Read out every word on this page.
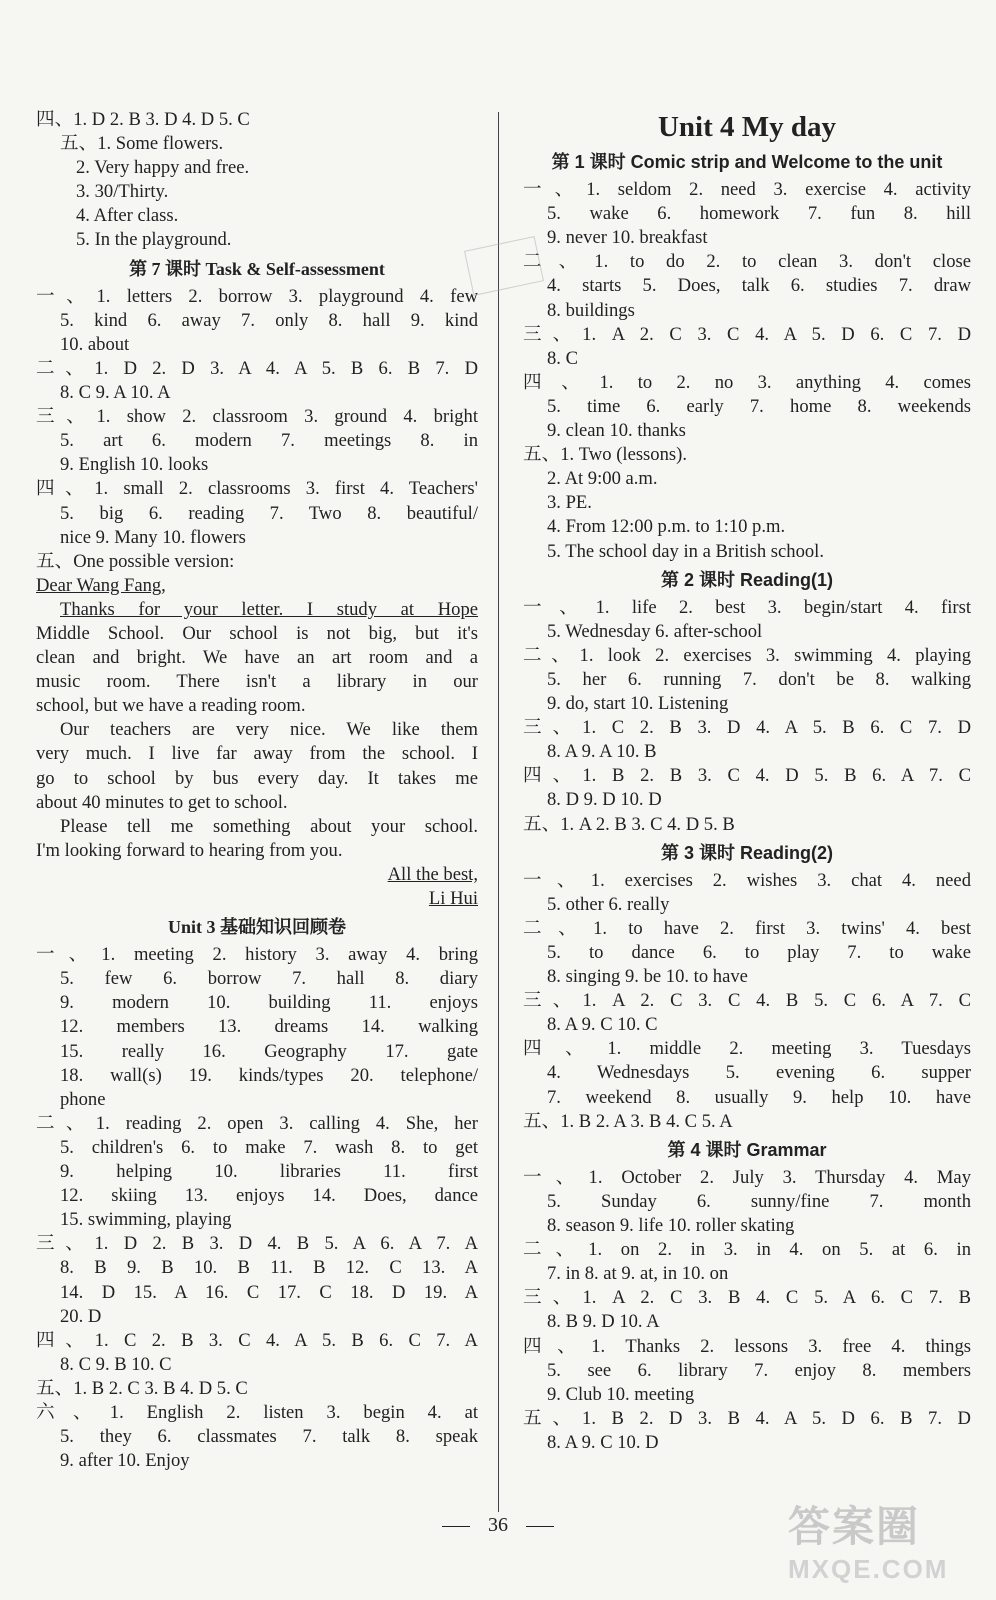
四、1. D 2. B 3. D 4. D 5. C
五、1. Some flowers.
2. Very happy and free.
3. 30/Thirty.
4. After class.
5. In the playground.
第 7 课时 Task & Self-assessment
一、1. letters 2. borrow 3. playground 4. few
5. kind 6. away 7. only 8. hall 9. kind
10. about
二、1. D 2. D 3. A 4. A 5. B 6. B 7. D
8. C 9. A 10. A
三、1. show 2. classroom 3. ground 4. bright
5. art 6. modern 7. meetings 8. in
9. English 10. looks
四、1. small 2. classrooms 3. first 4. Teachers'
5. big 6. reading 7. Two 8. beautiful/
nice 9. Many 10. flowers
五、One possible version:
Dear Wang Fang,
Thanks for your letter. I study at Hope
Middle School. Our school is not big, but it's
clean and bright. We have an art room and a
music room. There isn't a library in our
school, but we have a reading room.
Our teachers are very nice. We like them
very much. I live far away from the school. I
go to school by bus every day. It takes me
about 40 minutes to get to school.
Please tell me something about your school.
I'm looking forward to hearing from you.
All the best,
Li Hui
Unit 3 基础知识回顾卷
一、1. meeting 2. history 3. away 4. bring
5. few 6. borrow 7. hall 8. diary
9. modern 10. building 11. enjoys
12. members 13. dreams 14. walking
15. really 16. Geography 17. gate
18. wall(s) 19. kinds/types 20. telephone/
phone
二、1. reading 2. open 3. calling 4. She, her
5. children's 6. to make 7. wash 8. to get
9. helping 10. libraries 11. first
12. skiing 13. enjoys 14. Does, dance
15. swimming, playing
三、1. D 2. B 3. D 4. B 5. A 6. A 7. A
8. B 9. B 10. B 11. B 12. C 13. A
14. D 15. A 16. C 17. C 18. D 19. A
20. D
四、1. C 2. B 3. C 4. A 5. B 6. C 7. A
8. C 9. B 10. C
五、1. B 2. C 3. B 4. D 5. C
六、1. English 2. listen 3. begin 4. at
5. they 6. classmates 7. talk 8. speak
9. after 10. Enjoy
Unit 4 My day
第 1 课时 Comic strip and Welcome to the unit
一、1. seldom 2. need 3. exercise 4. activity
5. wake 6. homework 7. fun 8. hill
9. never 10. breakfast
二、1. to do 2. to clean 3. don't close
4. starts 5. Does, talk 6. studies 7. draw
8. buildings
三、1. A 2. C 3. C 4. A 5. D 6. C 7. D
8. C
四、1. to 2. no 3. anything 4. comes
5. time 6. early 7. home 8. weekends
9. clean 10. thanks
五、1. Two (lessons).
2. At 9:00 a.m.
3. PE.
4. From 12:00 p.m. to 1:10 p.m.
5. The school day in a British school.
第 2 课时 Reading(1)
一、1. life 2. best 3. begin/start 4. first
5. Wednesday 6. after-school
二、1. look 2. exercises 3. swimming 4. playing
5. her 6. running 7. don't be 8. walking
9. do, start 10. Listening
三、1. C 2. B 3. D 4. A 5. B 6. C 7. D
8. A 9. A 10. B
四、1. B 2. B 3. C 4. D 5. B 6. A 7. C
8. D 9. D 10. D
五、1. A 2. B 3. C 4. D 5. B
第 3 课时 Reading(2)
一、1. exercises 2. wishes 3. chat 4. need
5. other 6. really
二、1. to have 2. first 3. twins' 4. best
5. to dance 6. to play 7. to wake
8. singing 9. be 10. to have
三、1. A 2. C 3. C 4. B 5. C 6. A 7. C
8. A 9. C 10. C
四、1. middle 2. meeting 3. Tuesdays
4. Wednesdays 5. evening 6. supper
7. weekend 8. usually 9. help 10. have
五、1. B 2. A 3. B 4. C 5. A
第 4 课时 Grammar
一、1. October 2. July 3. Thursday 4. May
5. Sunday 6. sunny/fine 7. month
8. season 9. life 10. roller skating
二、1. on 2. in 3. in 4. on 5. at 6. in
7. in 8. at 9. at, in 10. on
三、1. A 2. C 3. B 4. C 5. A 6. C 7. B
8. B 9. D 10. A
四、1. Thanks 2. lessons 3. free 4. things
5. see 6. library 7. enjoy 8. members
9. Club 10. meeting
五、1. B 2. D 3. B 4. A 5. D 6. B 7. D
8. A 9. C 10. D
36	答案圈
MXQE.COM
